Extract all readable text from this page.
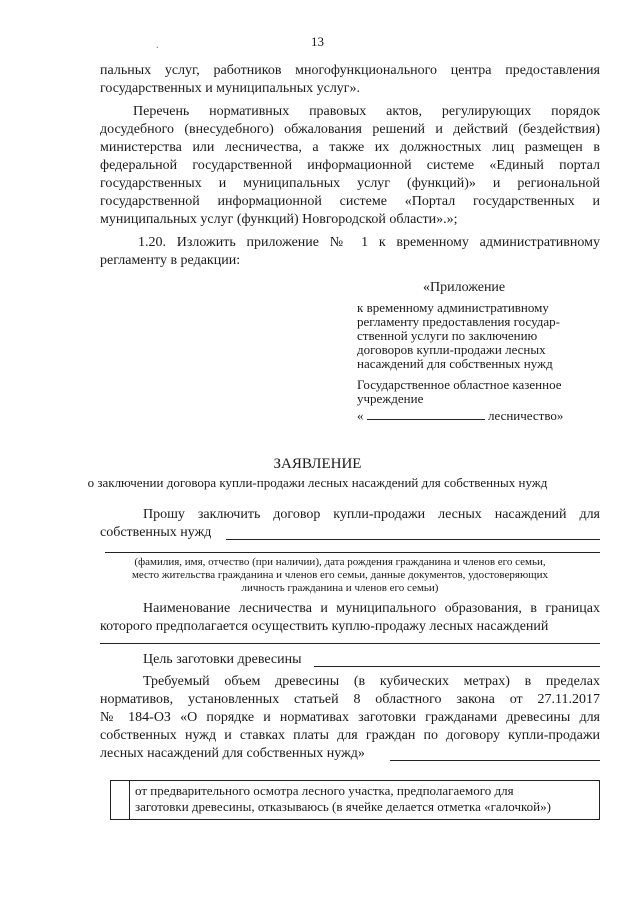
13
.
пальных услуг, работников многофункционального центра предоставления
государственных и муниципальных услуг».
Перечень нормативных правовых актов, регулирующих порядок
досудебного (внесудебного) обжалования решений и действий (бездействия)
министерства или лесничества, а также их должностных лиц размещен в
федеральной государственной информационной системе «Единый портал
государственных и муниципальных услуг (функций)» и региональной
государственной информационной системе «Портал государственных и
муниципальных услуг (функций) Новгородской области».»;
1.20. Изложить приложение № 1 к временному административному
регламенту в редакции:
«Приложение
к временному административному
регламенту предоставления государ-
ственной услуги по заключению
договоров купли-продажи лесных
насаждений для собственных нужд
Государственное областное казенное
учреждение
«	лесничество»
ЗАЯВЛЕНИЕ
о заключении договора купли-продажи лесных насаждений для собственных нужд
Прошу заключить договор купли-продажи лесных насаждений для
собственных нужд
(фамилия, имя, отчество (при наличии), дата рождения гражданина и членов его семьи,
место жительства гражданина и членов его семьи, данные документов, удостоверяющих
личность гражданина и членов его семьи)
Наименование лесничества и муниципального образования, в границах
которого предполагается осуществить куплю-продажу лесных насаждений
Цель заготовки древесины
Требуемый объем древесины (в кубических метрах) в пределах
нормативов, установленных статьей 8 областного закона от 27.11.2017
№ 184-ОЗ «О порядке и нормативах заготовки гражданами древесины для
собственных нужд и ставках платы для граждан по договору купли-продажи
лесных насаждений для собственных нужд»
от предварительного осмотра лесного участка, предполагаемого для
заготовки древесины, отказываюсь (в ячейке делается отметка «галочкой»)
